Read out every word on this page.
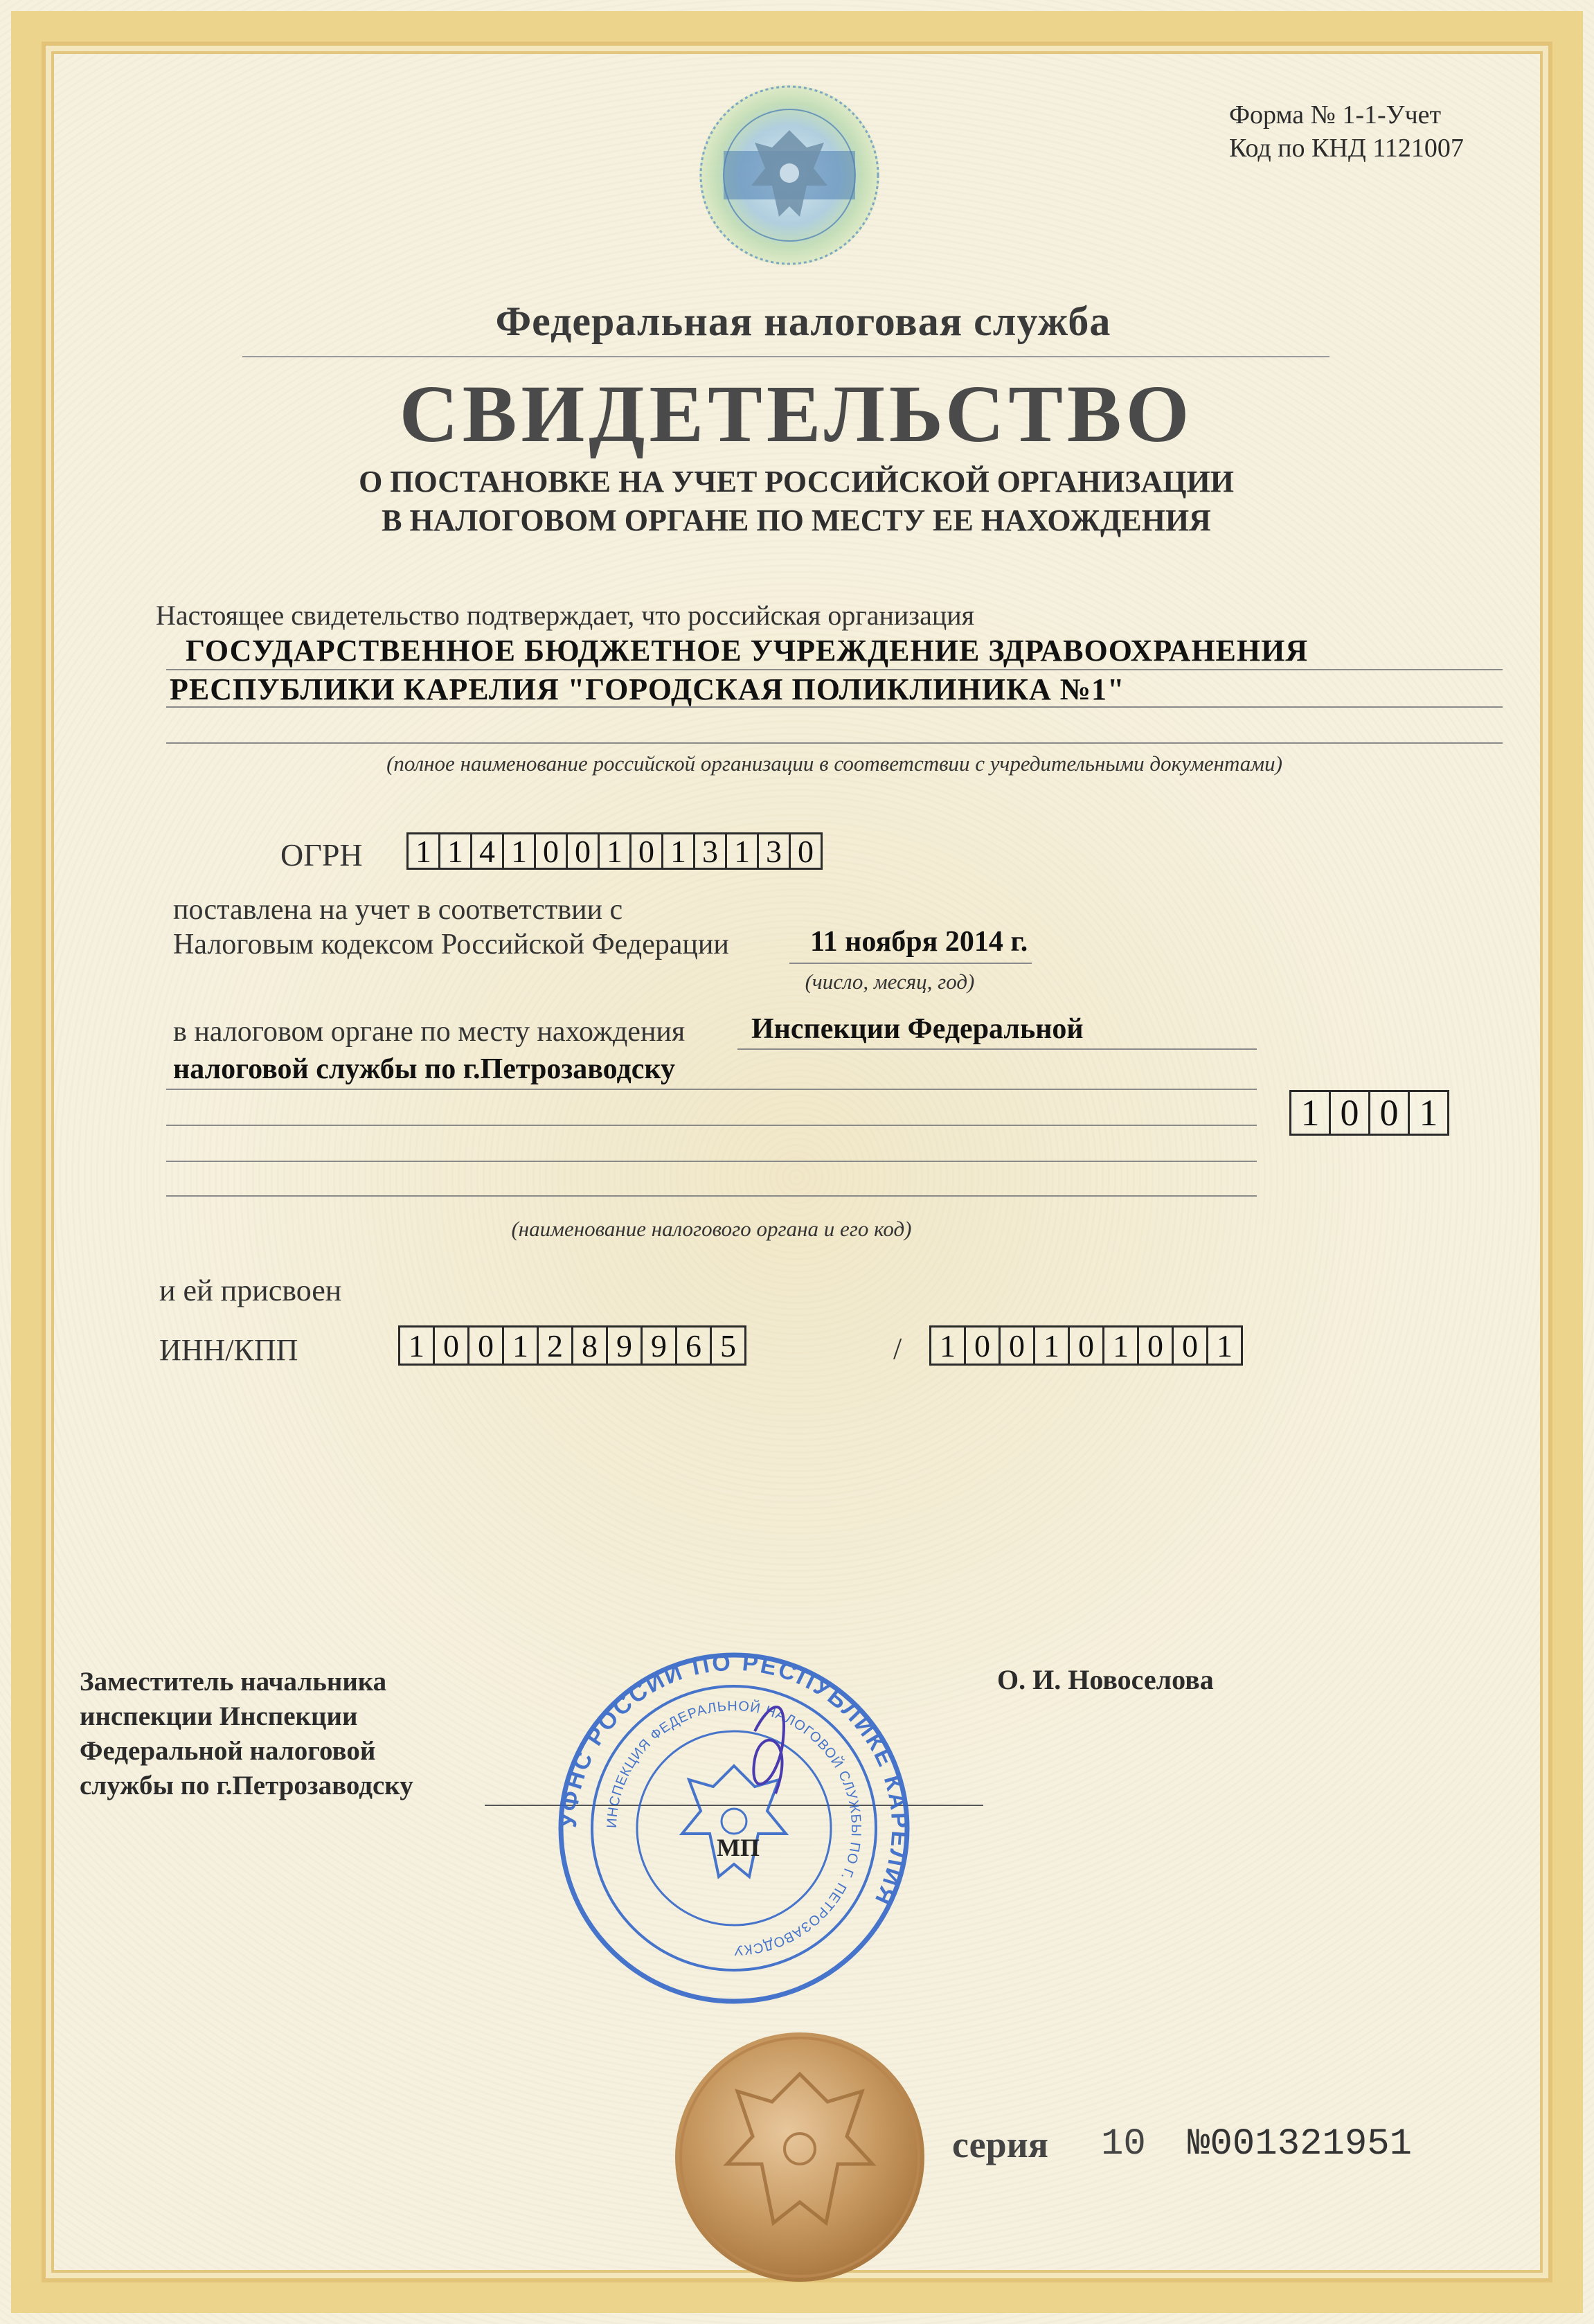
Форма № 1-1-Учет
Код по КНД 1121007
Федеральная налоговая служба
СВИДЕТЕЛЬСТВО
О ПОСТАНОВКЕ НА УЧЕТ РОССИЙСКОЙ ОРГАНИЗАЦИИ
В НАЛОГОВОМ ОРГАНЕ ПО МЕСТУ ЕЕ НАХОЖДЕНИЯ
Настоящее свидетельство подтверждает, что российская организация
ГОСУДАРСТВЕННОЕ БЮДЖЕТНОЕ УЧРЕЖДЕНИЕ ЗДРАВООХРАНЕНИЯ
РЕСПУБЛИКИ КАРЕЛИЯ "ГОРОДСКАЯ ПОЛИКЛИНИКА №1"
(полное наименование российской организации в соответствии с учредительными документами)
ОГРН 1 1 4 1 0 0 1 0 1 3 1 3 0
поставлена на учет в соответствии с
Налоговым кодексом Российской Федерации	11 ноября 2014 г.
(число, месяц, год)
в налоговом органе по месту нахождения Инспекции Федеральной
налоговой службы по г.Петрозаводску
1 0 0 1
(наименование налогового органа и его код)
и ей присвоен
ИНН/КПП	1 0 0 1 2 8 9 9 6 5	/	1 0 0 1 0 1 0 0 1
Заместитель начальника
инспекции Инспекции
Федеральной налоговой
службы по г.Петрозаводску
О. И. Новоселова
УФНС РОССИИ ПО РЕСПУБЛИКЕ КАРЕЛИЯ
ИНСПЕКЦИЯ ФЕДЕРАЛЬНОЙ НАЛОГОВОЙ СЛУЖБЫ ПО Г. ПЕТРОЗАВОДСКУ
МП
серия 10 №001321951
